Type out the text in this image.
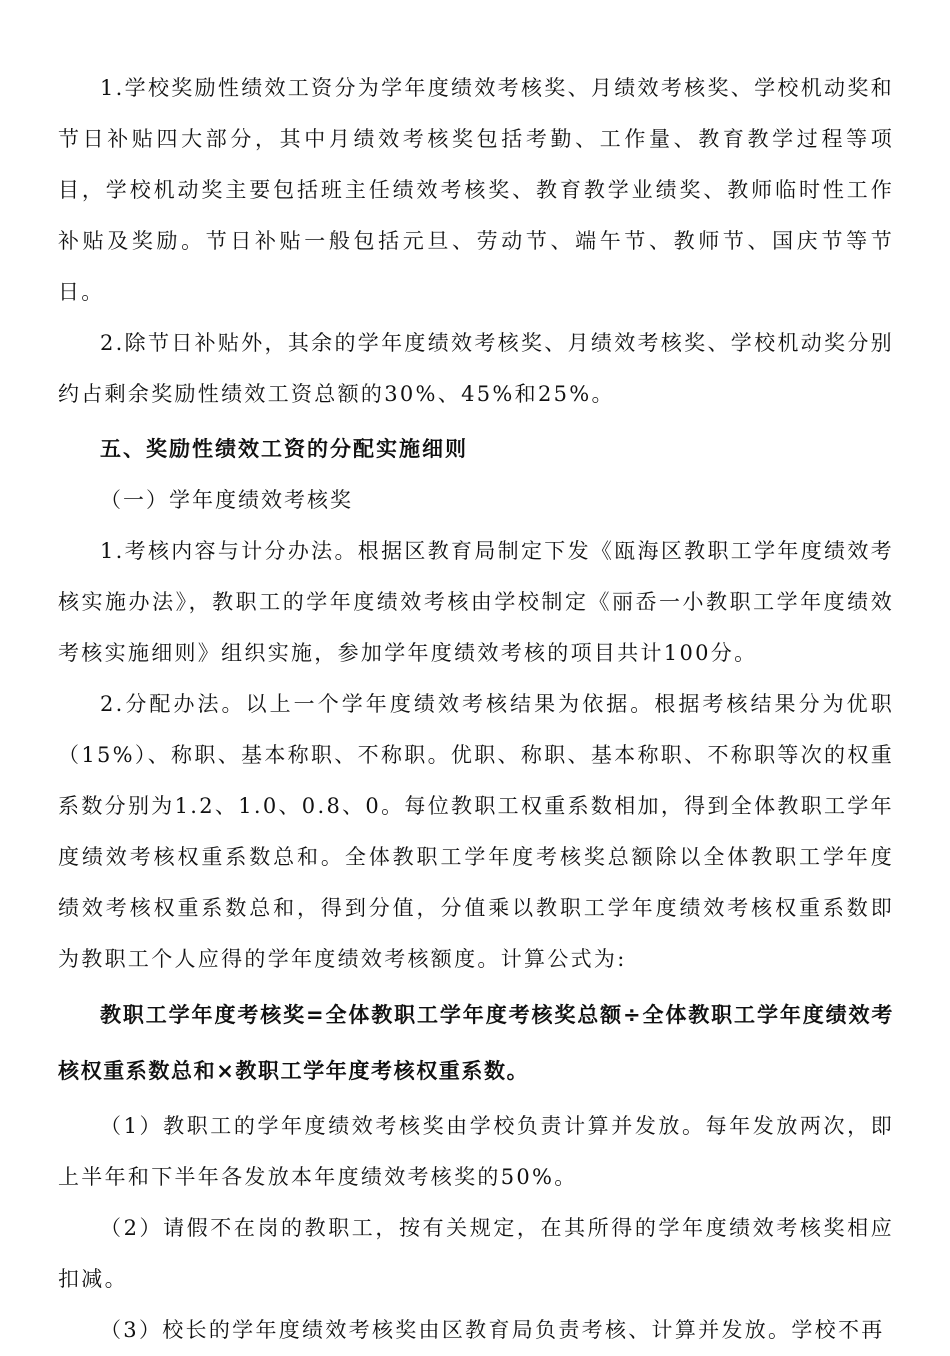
1.学校奖励性绩效工资分为学年度绩效考核奖、月绩效考核奖、学校机动奖和节日补贴四大部分，其中月绩效考核奖包括考勤、工作量、教育教学过程等项目，学校机动奖主要包括班主任绩效考核奖、教育教学业绩奖、教师临时性工作补贴及奖励。节日补贴一般包括元旦、劳动节、端午节、教师节、国庆节等节日。

2.除节日补贴外，其余的学年度绩效考核奖、月绩效考核奖、学校机动奖分别约占剩余奖励性绩效工资总额的30%、45%和25%。

五、奖励性绩效工资的分配实施细则

（一）学年度绩效考核奖

1.考核内容与计分办法。根据区教育局制定下发《瓯海区教职工学年度绩效考核实施办法》，教职工的学年度绩效考核由学校制定《丽岙一小教职工学年度绩效考核实施细则》组织实施，参加学年度绩效考核的项目共计100分。

2.分配办法。以上一个学年度绩效考核结果为依据。根据考核结果分为优职（15%）、称职、基本称职、不称职。优职、称职、基本称职、不称职等次的权重系数分别为1.2、1.0、0.8、0。每位教职工权重系数相加，得到全体教职工学年度绩效考核权重系数总和。全体教职工学年度考核奖总额除以全体教职工学年度绩效考核权重系数总和，得到分值，分值乘以教职工学年度绩效考核权重系数即为教职工个人应得的学年度绩效考核额度。计算公式为:

教职工学年度考核奖=全体教职工学年度考核奖总额÷全体教职工学年度绩效考核权重系数总和×教职工学年度考核权重系数。

（1）教职工的学年度绩效考核奖由学校负责计算并发放。每年发放两次，即上半年和下半年各发放本年度绩效考核奖的50%。

（2）请假不在岗的教职工，按有关规定，在其所得的学年度绩效考核奖相应扣减。

（3）校长的学年度绩效考核奖由区教育局负责考核、计算并发放。学校不再
